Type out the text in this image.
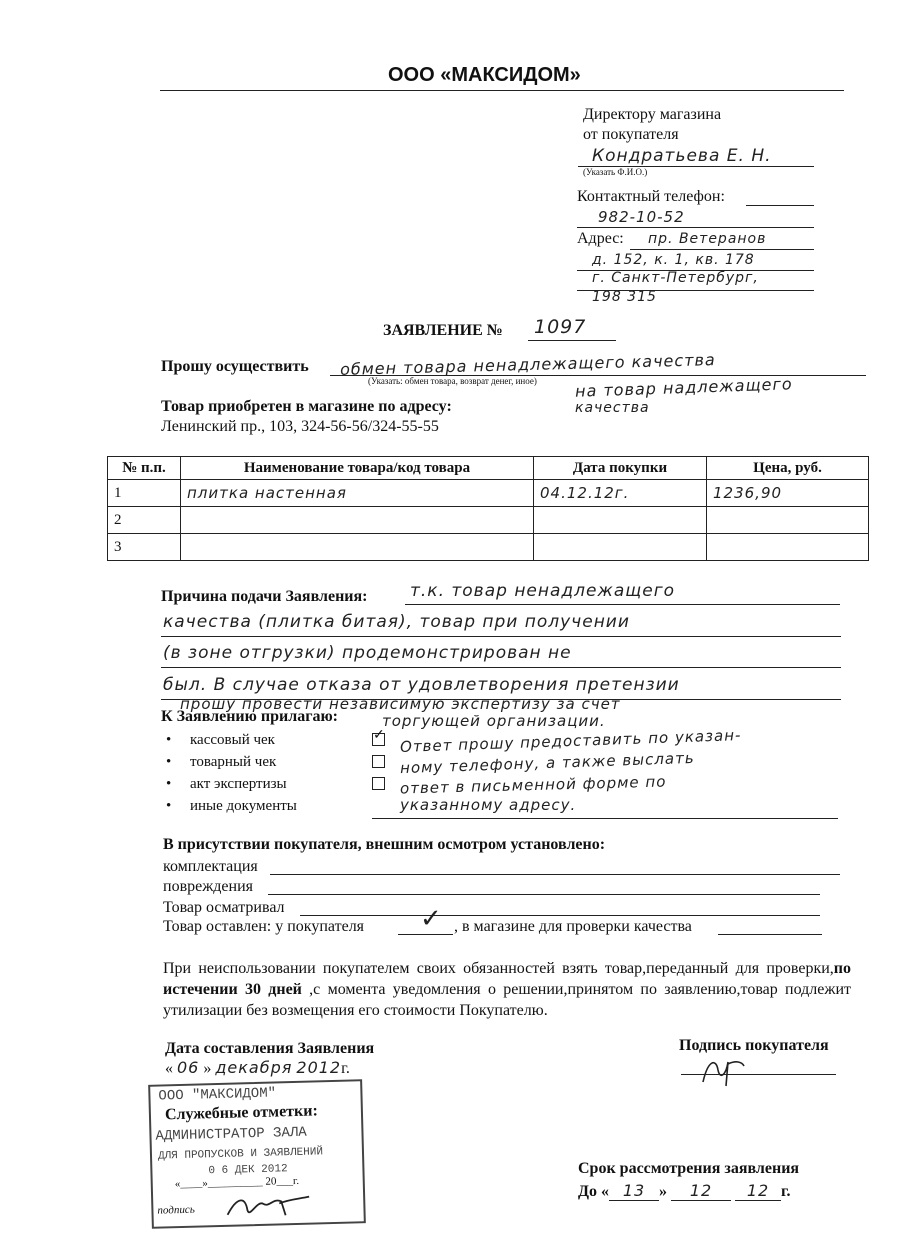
ООО «МАКСИДОМ»
Директору магазина
от покупателя
Кондратьева Е. Н.
(Указать Ф.И.О.)
Контактный телефон:
982-10-52
Адрес: пр. Ветеранов
д. 152, к. 1, кв. 178
г. Санкт-Петербург,
198 315
ЗАЯВЛЕНИЕ № 1097
Прошу осуществить обмен товара ненадлежащего качества
(Указать: обмен товара, возврат денег, иное) на товар надлежащего
качества
Товар приобретен в магазине по адресу:
Ленинский пр., 103, 324-56-56/324-55-55
№ п.п.	Наименование товара/код товара	Дата покупки	Цена, руб.
1	плитка настенная	04.12.12г.	1236,90
2			
3			
Причина подачи Заявления: т.к. товар ненадлежащего
качества (плитка битая), товар при получении
(в зоне отгрузки) продемонстрирован не
был. В случае отказа от удовлетворения претензии
прошу провести независимую экспертизу за счет
торгующей организации.
К Заявлению прилагаю:
• кассовый чек
• товарный чек
• акт экспертизы
• иные документы
✓ Ответ прошу предоставить по указан-
ному телефону, а также выслать
ответ в письменной форме по
указанному адресу.
В присутствии покупателя, внешним осмотром установлено:
комплектация
повреждения
Товар осматривал
Товар оставлен: у покупателя ✓ , в магазине для проверки качества
При неиспользовании покупателем своих обязанностей взять товар,переданный для проверки,по истечении 30 дней ,с момента уведомления о решении,принятом по заявлению,товар подлежит утилизации без возмещения его стоимости Покупателю.
Дата составления Заявления
« 06 » декабря 2012г.
Подпись покупателя
ООО "МАКСИДОМ"
Служебные отметки:
АДМИНИСТРАТОР ЗАЛА
ДЛЯ ПРОПУСКОВ И ЗАЯВЛЕНИЙ
0 6 ДЕК 2012
«____»__________ 20___г.
подпись
Срок рассмотрения заявления
До « 13 » 12 12 г.
